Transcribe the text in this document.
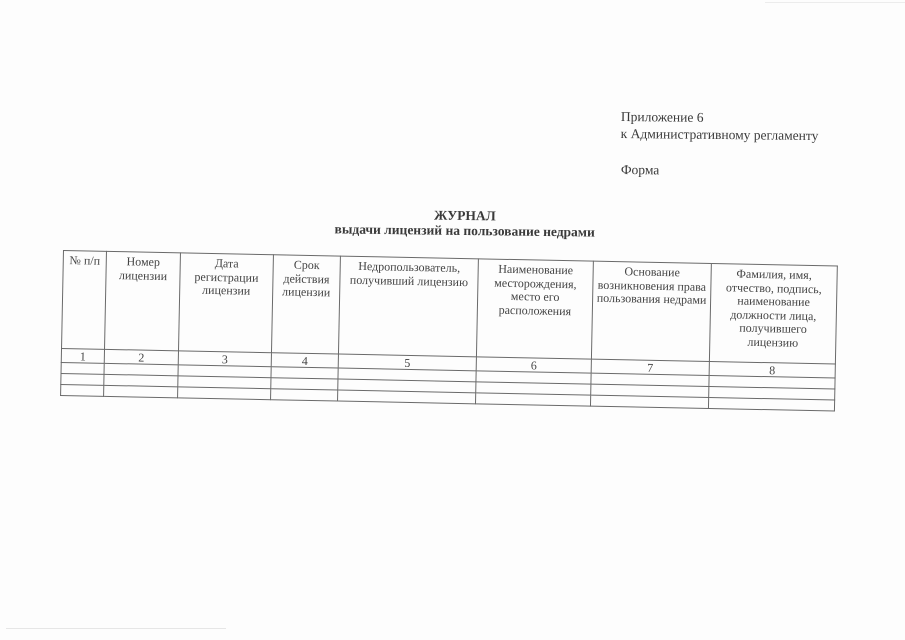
Приложение 6
к Административному регламенту
Форма
ЖУРНАЛ
выдачи лицензий на пользование недрами
№ п/п	Номер лицензии	Дата регистрации лицензии	Срок действия лицензии	Недропользователь, получивший лицензию	Наименование месторождения, место его расположения	Основание возникновения права пользования недрами	Фамилия, имя, отчество, подпись, наименование должности лица, получившего лицензию
1	2	3	4	5	6	7	8
